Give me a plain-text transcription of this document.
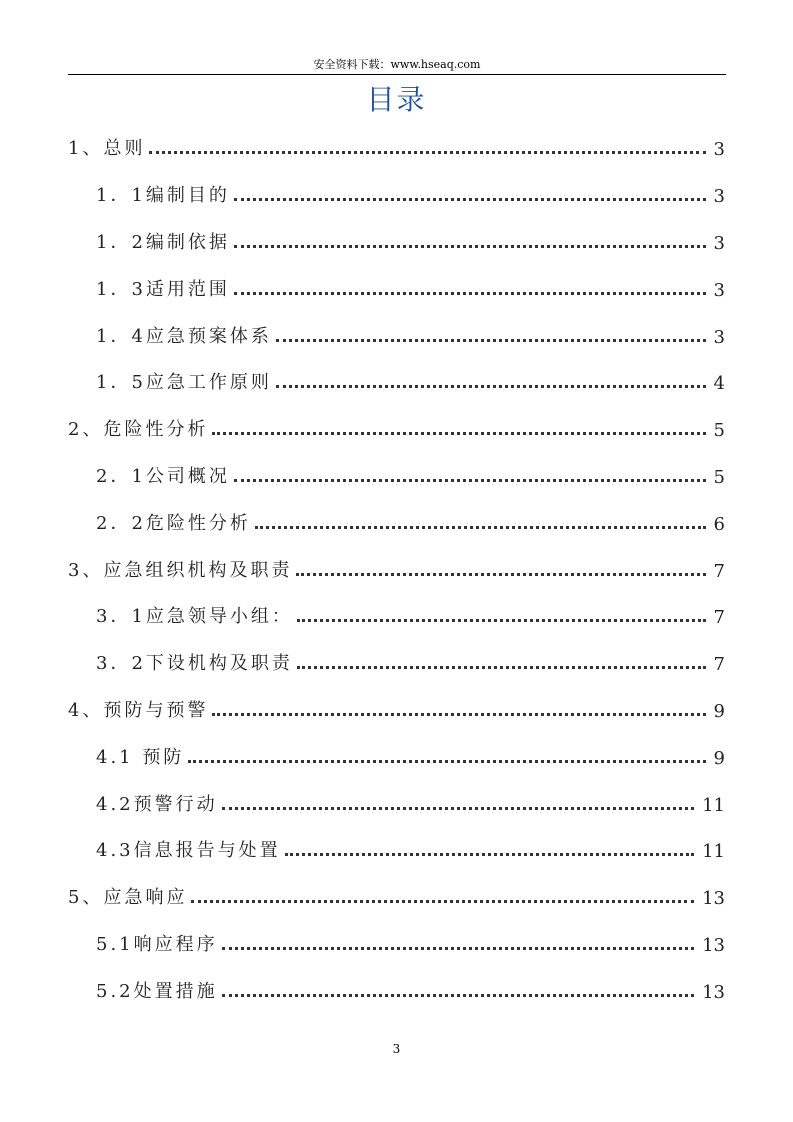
安全资料下载：www.hseaq.com
目录
1、总则	3
1．1编制目的	3
1．2编制依据	3
1．3适用范围	3
1．4应急预案体系	3
1．5应急工作原则	4
2、危险性分析	5
2．1公司概况	5
2．2危险性分析	6
3、应急组织机构及职责	7
3．1应急领导小组：	7
3．2下设机构及职责	7
4、预防与预警	9
4.1 预防	9
4.2预警行动	11
4.3信息报告与处置	11
5、应急响应	13
5.1响应程序	13
5.2处置措施	13
3
